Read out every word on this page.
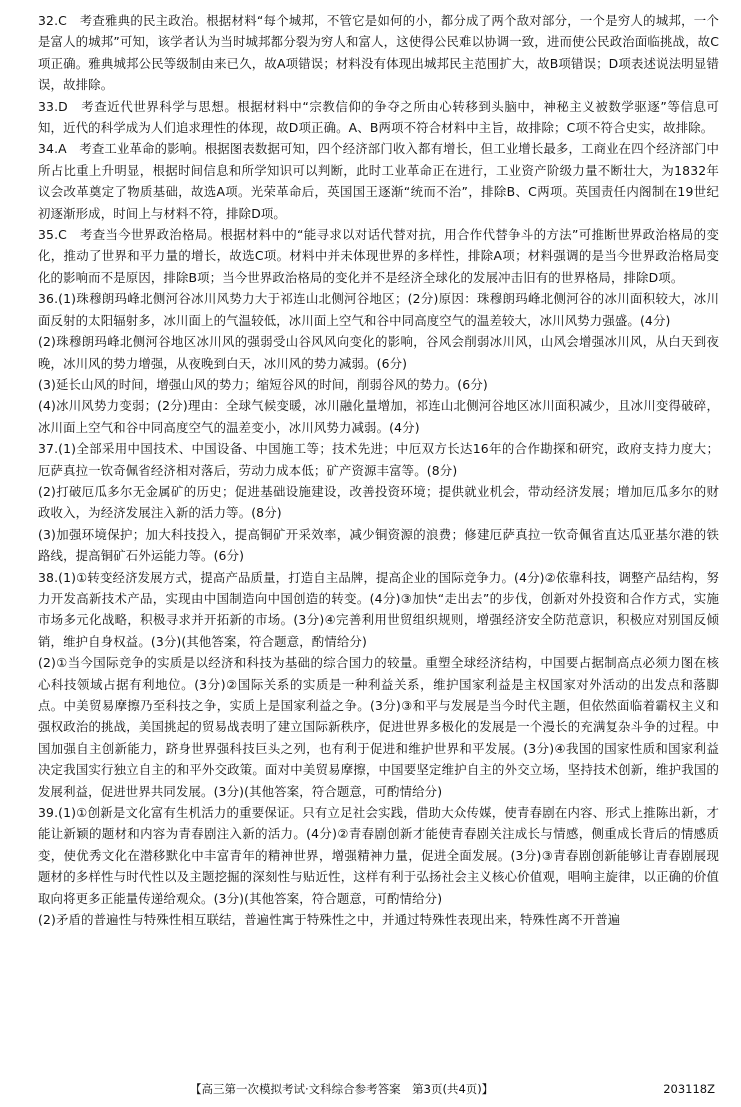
32.C　考查雅典的民主政治。根据材料“每个城邦，不管它是如何的小，都分成了两个敌对部分，一个是穷人的城邦，一个是富人的城邦”可知，该学者认为当时城邦都分裂为穷人和富人，这使得公民难以协调一致，进而使公民政治面临挑战，故C项正确。雅典城邦公民等级制由来已久，故A项错误；材料没有体现出城邦民主范围扩大，故B项错误；D项表述说法明显错误，故排除。

33.D　考查近代世界科学与思想。根据材料中“宗教信仰的争夺之所由心转移到头脑中，神秘主义被数学驱逐”等信息可知，近代的科学成为人们追求理性的体现，故D项正确。A、B两项不符合材料中主旨，故排除；C项不符合史实，故排除。

34.A　考查工业革命的影响。根据图表数据可知，四个经济部门收入都有增长，但工业增长最多，工商业在四个经济部门中所占比重上升明显，根据时间信息和所学知识可以判断，此时工业革命正在进行，工业资产阶级力量不断壮大，为1832年议会改革奠定了物质基础，故选A项。光荣革命后，英国国王逐渐“统而不治”，排除B、C两项。英国责任内阁制在19世纪初逐渐形成，时间上与材料不符，排除D项。

35.C　考查当今世界政治格局。根据材料中的“能寻求以对话代替对抗，用合作代替争斗的方法”可推断世界政治格局的变化，推动了世界和平力量的增长，故选C项。材料中并未体现世界的多样性，排除A项；材料强调的是当今世界政治格局变化的影响而不是原因，排除B项；当今世界政治格局的变化并不是经济全球化的发展冲击旧有的世界格局，排除D项。

36.(1)珠穆朗玛峰北侧河谷冰川风势力大于祁连山北侧河谷地区；(2分)原因：珠穆朗玛峰北侧河谷的冰川面积较大，冰川面反射的太阳辐射多，冰川面上的气温较低，冰川面上空气和谷中同高度空气的温差较大，冰川风势力强盛。(4分)

(2)珠穆朗玛峰北侧河谷地区冰川风的强弱受山谷风风向变化的影响，谷风会削弱冰川风，山风会增强冰川风，从白天到夜晚，冰川风的势力增强，从夜晚到白天，冰川风的势力减弱。(6分)

(3)延长山风的时间，增强山风的势力；缩短谷风的时间，削弱谷风的势力。(6分)

(4)冰川风势力变弱；(2分)理由：全球气候变暖，冰川融化量增加，祁连山北侧河谷地区冰川面积减少，且冰川变得破碎，冰川面上空气和谷中同高度空气的温差变小，冰川风势力减弱。(4分)

37.(1)全部采用中国技术、中国设备、中国施工等；技术先进；中厄双方长达16年的合作勘探和研究，政府支持力度大；厄萨真拉一钦奇佩省经济相对落后，劳动力成本低；矿产资源丰富等。(8分)

(2)打破厄瓜多尔无金属矿的历史；促进基础设施建设，改善投资环境；提供就业机会，带动经济发展；增加厄瓜多尔的财政收入，为经济发展注入新的活力等。(8分)

(3)加强环境保护；加大科技投入，提高铜矿开采效率，减少铜资源的浪费；修建厄萨真拉一钦奇佩省直达瓜亚基尔港的铁路线，提高铜矿石外运能力等。(6分)

38.(1)①转变经济发展方式，提高产品质量，打造自主品牌，提高企业的国际竞争力。(4分)②依靠科技，调整产品结构，努力开发高新技术产品，实现由中国制造向中国创造的转变。(4分)③加快“走出去”的步伐，创新对外投资和合作方式，实施市场多元化战略，积极寻求并开拓新的市场。(3分)④完善利用世贸组织规则，增强经济安全防范意识，积极应对别国反倾销，维护自身权益。(3分)(其他答案，符合题意，酌情给分)

(2)①当今国际竞争的实质是以经济和科技为基础的综合国力的较量。重塑全球经济结构，中国要占据制高点必须力图在核心科技领域占据有利地位。(3分)②国际关系的实质是一种利益关系，维护国家利益是主权国家对外活动的出发点和落脚点。中美贸易摩擦乃至科技之争，实质上是国家利益之争。(3分)③和平与发展是当今时代主题，但依然面临着霸权主义和强权政治的挑战，美国挑起的贸易战表明了建立国际新秩序，促进世界多极化的发展是一个漫长的充满复杂斗争的过程。中国加强自主创新能力，跻身世界强科技巨头之列，也有利于促进和维护世界和平发展。(3分)④我国的国家性质和国家利益决定我国实行独立自主的和平外交政策。面对中美贸易摩擦，中国要坚定维护自主的外交立场，坚持技术创新，维护我国的发展利益，促进世界共同发展。(3分)(其他答案，符合题意，可酌情给分)

39.(1)①创新是文化富有生机活力的重要保证。只有立足社会实践，借助大众传媒，使青春剧在内容、形式上推陈出新，才能让新颖的题材和内容为青春剧注入新的活力。(4分)②青春剧创新才能使青春剧关注成长与情感，侧重成长背后的情感质变，使优秀文化在潜移默化中丰富青年的精神世界，增强精神力量，促进全面发展。(3分)③青春剧创新能够让青春剧展现题材的多样性与时代性以及主题挖掘的深刻性与贴近性，这样有利于弘扬社会主义核心价值观，唱响主旋律，以正确的价值取向将更多正能量传递给观众。(3分)(其他答案，符合题意，可酌情给分)

(2)矛盾的普遍性与特殊性相互联结，普遍性寓于特殊性之中，并通过特殊性表现出来，特殊性离不开普遍

【高三第一次模拟考试·文科综合参考答案　第3页(共4页)】	203118Z
